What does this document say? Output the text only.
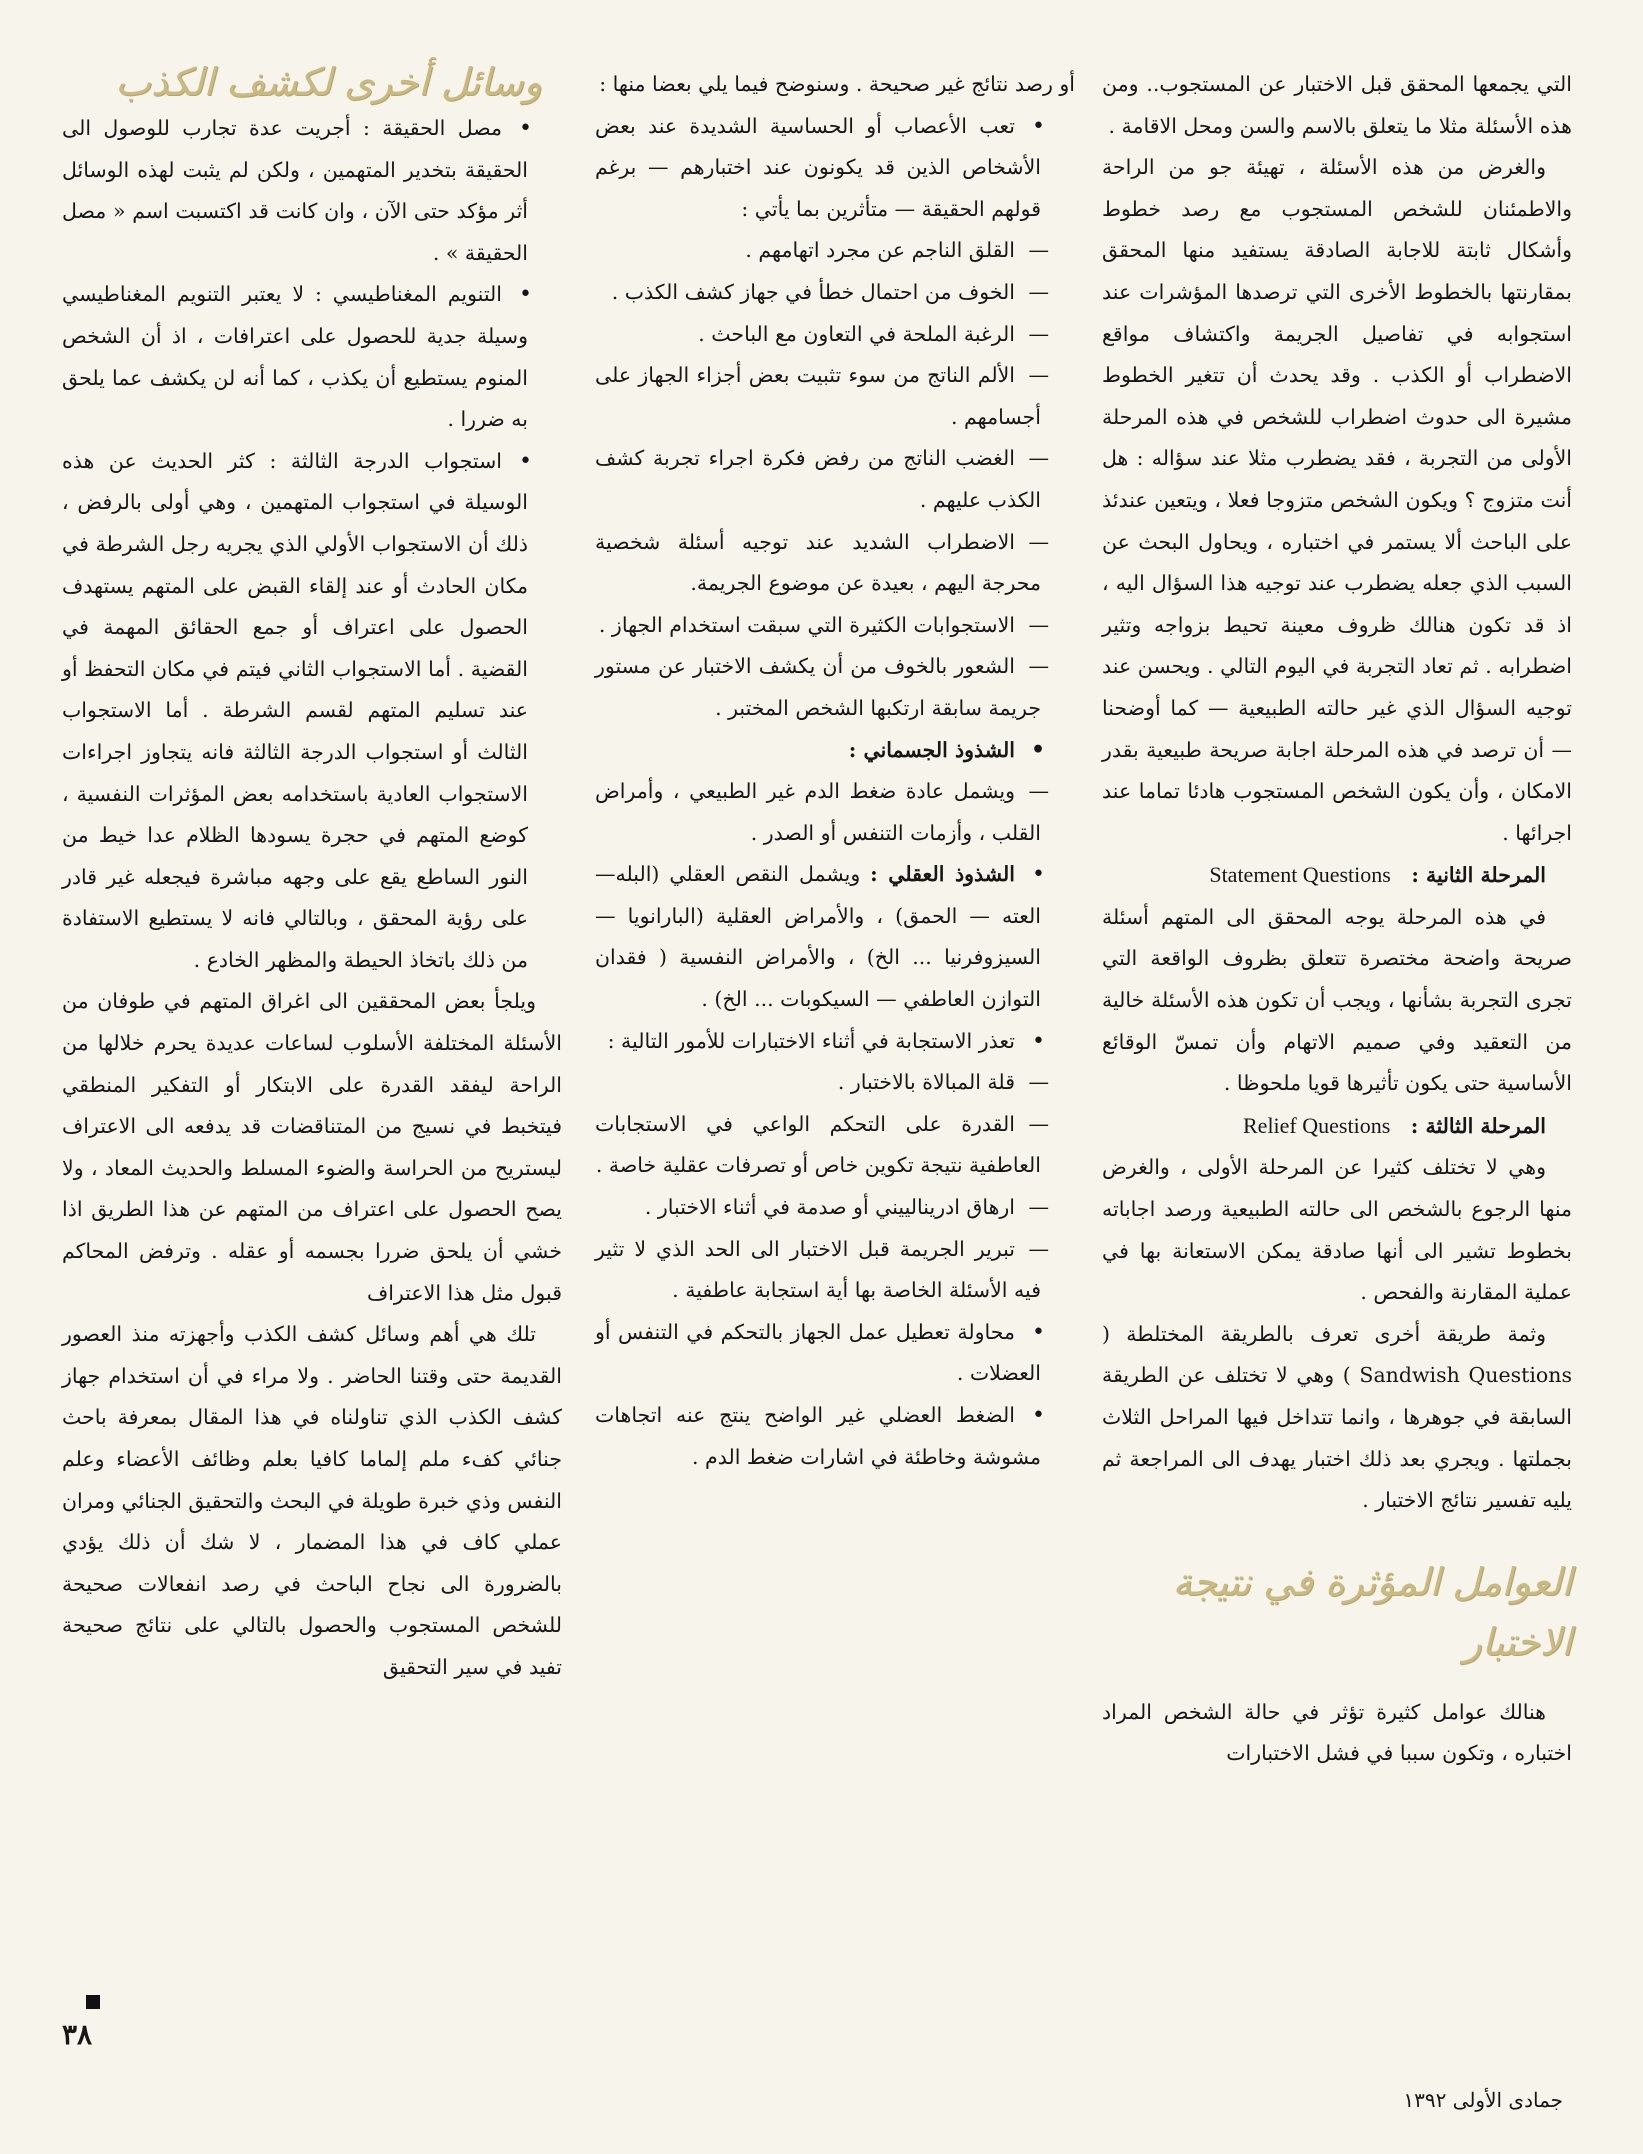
التي يجمعها المحقق قبل الاختبار عن المستجوب.. ومن هذه الأسئلة مثلا ما يتعلق بالاسم والسن ومحل الاقامة .

والغرض من هذه الأسئلة ، تهيئة جو من الراحة والاطمئنان للشخص المستجوب مع رصد خطوط وأشكال ثابتة للاجابة الصادقة يستفيد منها المحقق بمقارنتها بالخطوط الأخرى التي ترصدها المؤشرات عند استجوابه في تفاصيل الجريمة واكتشاف مواقع الاضطراب أو الكذب . وقد يحدث أن تتغير الخطوط مشيرة الى حدوث اضطراب للشخص في هذه المرحلة الأولى من التجربة ، فقد يضطرب مثلا عند سؤاله : هل أنت متزوج ؟ ويكون الشخص متزوجا فعلا ، ويتعين عندئذ على الباحث ألا يستمر في اختباره ، ويحاول البحث عن السبب الذي جعله يضطرب عند توجيه هذا السؤال اليه ، اذ قد تكون هنالك ظروف معينة تحيط بزواجه وتثير اضطرابه . ثم تعاد التجربة في اليوم التالي . ويحسن عند توجيه السؤال الذي غير حالته الطبيعية — كما أوضحنا — أن ترصد في هذه المرحلة اجابة صريحة طبيعية بقدر الامكان ، وأن يكون الشخص المستجوب هادئا تماما عند اجرائها .

المرحلة الثانية : Statement Questions

في هذه المرحلة يوجه المحقق الى المتهم أسئلة صريحة واضحة مختصرة تتعلق بظروف الواقعة التي تجرى التجربة بشأنها ، ويجب أن تكون هذه الأسئلة خالية من التعقيد وفي صميم الاتهام وأن تمسّ الوقائع الأساسية حتى يكون تأثيرها قويا ملحوظا .

المرحلة الثالثة : Relief Questions

وهي لا تختلف كثيرا عن المرحلة الأولى ، والغرض منها الرجوع بالشخص الى حالته الطبيعية ورصد اجاباته بخطوط تشير الى أنها صادقة يمكن الاستعانة بها في عملية المقارنة والفحص .

وثمة طريقة أخرى تعرف بالطريقة المختلطة ( Sandwish Questions ) وهي لا تختلف عن الطريقة السابقة في جوهرها ، وانما تتداخل فيها المراحل الثلاث بجملتها . ويجري بعد ذلك اختبار يهدف الى المراجعة ثم يليه تفسير نتائج الاختبار .

العوامل المؤثرة في نتيجة الاختبار

هنالك عوامل كثيرة تؤثر في حالة الشخص المراد اختباره ، وتكون سببا في فشل الاختبارات

أو رصد نتائج غير صحيحة . وسنوضح فيما يلي بعضا منها :

• تعب الأعصاب أو الحساسية الشديدة عند بعض الأشخاص الذين قد يكونون عند اختبارهم — برغم قولهم الحقيقة — متأثرين بما يأتي :

— القلق الناجم عن مجرد اتهامهم .

— الخوف من احتمال خطأ في جهاز كشف الكذب .

— الرغبة الملحة في التعاون مع الباحث .

— الألم الناتج من سوء تثبيت بعض أجزاء الجهاز على أجسامهم .

— الغضب الناتج من رفض فكرة اجراء تجربة كشف الكذب عليهم .

— الاضطراب الشديد عند توجيه أسئلة شخصية محرجة اليهم ، بعيدة عن موضوع الجريمة.

— الاستجوابات الكثيرة التي سبقت استخدام الجهاز .

— الشعور بالخوف من أن يكشف الاختبار عن مستور جريمة سابقة ارتكبها الشخص المختبر .

• الشذوذ الجسماني :

— ويشمل عادة ضغط الدم غير الطبيعي ، وأمراض القلب ، وأزمات التنفس أو الصدر .

• الشذوذ العقلي : ويشمل النقص العقلي (البله— العته — الحمق) ، والأمراض العقلية (البارانويا — السيزوفرنيا ... الخ) ، والأمراض النفسية ( فقدان التوازن العاطفي — السيكوبات ... الخ) .

• تعذر الاستجابة في أثناء الاختبارات للأمور التالية :

— قلة المبالاة بالاختبار .

— القدرة على التحكم الواعي في الاستجابات العاطفية نتيجة تكوين خاص أو تصرفات عقلية خاصة .

— ارهاق ادرينالييني أو صدمة في أثناء الاختبار .

— تبرير الجريمة قبل الاختبار الى الحد الذي لا تثير فيه الأسئلة الخاصة بها أية استجابة عاطفية .

• محاولة تعطيل عمل الجهاز بالتحكم في التنفس أو العضلات .

• الضغط العضلي غير الواضح ينتج عنه اتجاهات مشوشة وخاطئة في اشارات ضغط الدم .

وسائل أخرى لكشف الكذب

• مصل الحقيقة : أجريت عدة تجارب للوصول الى الحقيقة بتخدير المتهمين ، ولكن لم يثبت لهذه الوسائل أثر مؤكد حتى الآن ، وان كانت قد اكتسبت اسم « مصل الحقيقة » .

• التنويم المغناطيسي : لا يعتبر التنويم المغناطيسي وسيلة جدية للحصول على اعترافات ، اذ أن الشخص المنوم يستطيع أن يكذب ، كما أنه لن يكشف عما يلحق به ضررا .

• استجواب الدرجة الثالثة : كثر الحديث عن هذه الوسيلة في استجواب المتهمين ، وهي أولى بالرفض ، ذلك أن الاستجواب الأولي الذي يجريه رجل الشرطة في مكان الحادث أو عند إلقاء القبض على المتهم يستهدف الحصول على اعتراف أو جمع الحقائق المهمة في القضية . أما الاستجواب الثاني فيتم في مكان التحفظ أو عند تسليم المتهم لقسم الشرطة . أما الاستجواب الثالث أو استجواب الدرجة الثالثة فانه يتجاوز اجراءات الاستجواب العادية باستخدامه بعض المؤثرات النفسية ، كوضع المتهم في حجرة يسودها الظلام عدا خيط من النور الساطع يقع على وجهه مباشرة فيجعله غير قادر على رؤية المحقق ، وبالتالي فانه لا يستطيع الاستفادة من ذلك باتخاذ الحيطة والمظهر الخادع .

ويلجأ بعض المحققين الى اغراق المتهم في طوفان من الأسئلة المختلفة الأسلوب لساعات عديدة يحرم خلالها من الراحة ليفقد القدرة على الابتكار أو التفكير المنطقي فيتخبط في نسيج من المتناقضات قد يدفعه الى الاعتراف ليستريح من الحراسة والضوء المسلط والحديث المعاد ، ولا يصح الحصول على اعتراف من المتهم عن هذا الطريق اذا خشي أن يلحق ضررا بجسمه أو عقله . وترفض المحاكم قبول مثل هذا الاعتراف

تلك هي أهم وسائل كشف الكذب وأجهزته منذ العصور القديمة حتى وقتنا الحاضر . ولا مراء في أن استخدام جهاز كشف الكذب الذي تناولناه في هذا المقال بمعرفة باحث جنائي كفء ملم إلماما كافيا بعلم وظائف الأعضاء وعلم النفس وذي خبرة طويلة في البحث والتحقيق الجنائي ومران عملي كاف في هذا المضمار ، لا شك أن ذلك يؤدي بالضرورة الى نجاح الباحث في رصد انفعالات صحيحة للشخص المستجوب والحصول بالتالي على نتائج صحيحة تفيد في سير التحقيق

٣٨
جمادى الأولى ١٣٩٢
